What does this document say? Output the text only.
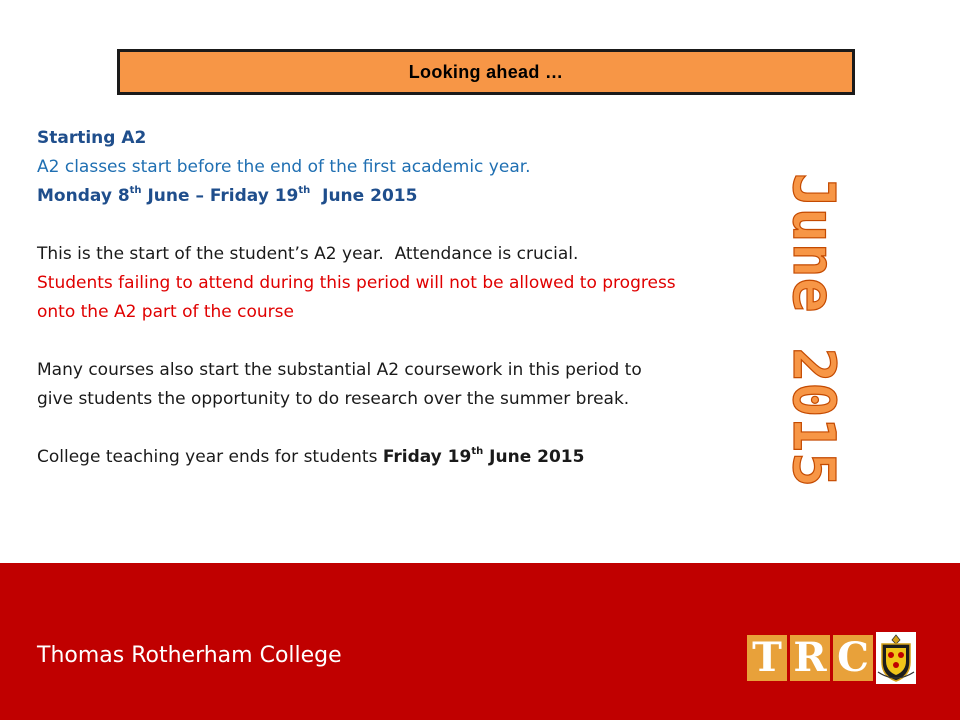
Looking ahead …

Starting A2

A2 classes start before the end of the first academic year.

Monday 8th June – Friday 19th  June 2015

This is the start of the student’s A2 year.  Attendance is crucial.

Students failing to attend during this period will not be allowed to progress onto the A2 part of the course

Many courses also start the substantial A2 coursework in this period to give students the opportunity to do research over the summer break.

College teaching year ends for students Friday 19th June 2015	June 2015
Thomas Rotherham College	T R C
